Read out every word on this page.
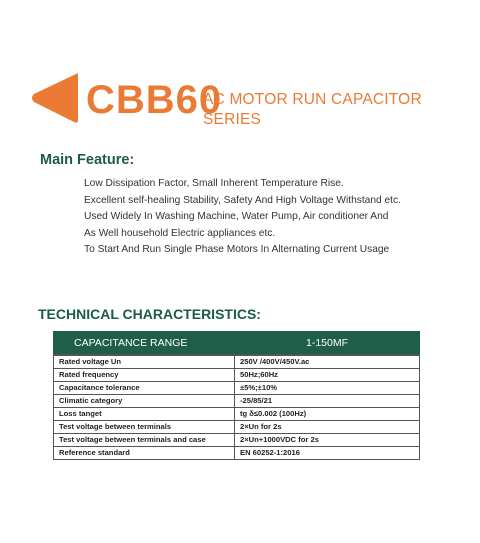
CBB60
AC MOTOR RUN CAPACITOR SERIES
Main Feature:
Low Dissipation Factor, Small Inherent Temperature Rise.
Excellent self-healing Stability, Safety And High Voltage Withstand etc.
Used Widely In Washing Machine, Water Pump, Air conditioner And
As Well household Electric appliances etc.
To Start And Run Single Phase Motors In Alternating Current Usage
TECHNICAL CHARACTERISTICS:
CAPACITANCE RANGE	1-150MF
Rated voltage Un	250V /400V/450V.ac
Rated frequency	50Hz;60Hz
Capacitance tolerance	±5%;±10%
Climatic category	-25/85/21
Loss tanget	tg δ≤0.002 (100Hz)
Test voltage between terminals	2×Un for 2s
Test voltage between terminals and case	2×Un+1000VDC for 2s
Reference standard	EN 60252-1:2016
